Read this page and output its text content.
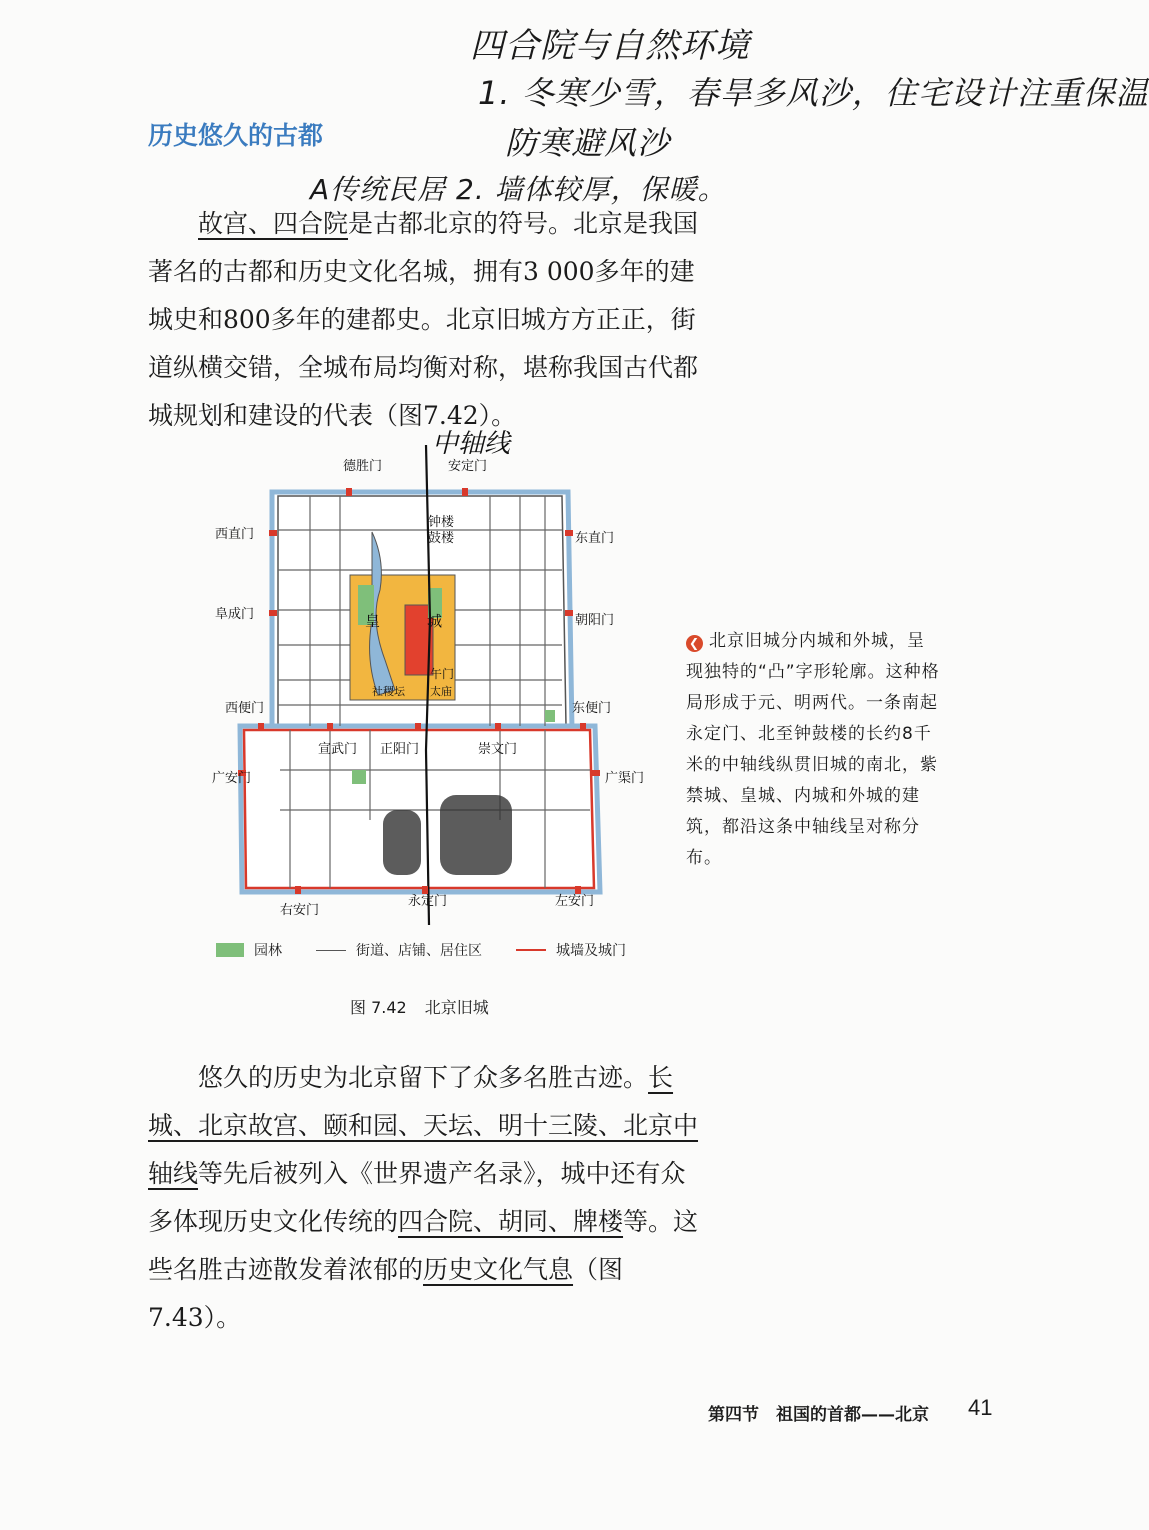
四合院与自然环境
1. 冬寒少雪，春旱多风沙，住宅设计注重保温
防寒避风沙
A传统民居 2. 墙体较厚，保暖。
历史悠久的古都

故宫、四合院是古都北京的符号。北京是我国著名的古都和历史文化名城，拥有3 000多年的建城史和800多年的建都史。北京旧城方方正正，街道纵横交错，全城布局均衡对称，堪称我国古代都城规划和建设的代表（图7.42）。

德胜门	安定门
西直门	东直门
钟楼
鼓楼
阜成门	朝阳门
皇	城
午门
社稷坛 太庙
西便门	东便门
宣武门 正阳门	崇文门
广安门	广渠门
右安门
永定门	左安门
中轴线
园林	街道、店铺、居住区	城墙及城门
❮ 北京旧城分内城和外城，呈现独特的“凸”字形轮廓。这种格局形成于元、明两代。一条南起永定门、北至钟鼓楼的长约8千米的中轴线纵贯旧城的南北，紫禁城、皇城、内城和外城的建筑，都沿这条中轴线呈对称分布。
图 7.42 北京旧城

悠久的历史为北京留下了众多名胜古迹。长城、北京故宫、颐和园、天坛、明十三陵、北京中轴线等先后被列入《世界遗产名录》，城中还有众多体现历史文化传统的四合院、胡同、牌楼等。这些名胜古迹散发着浓郁的历史文化气息（图7.43）。

第四节　祖国的首都——北京 41
